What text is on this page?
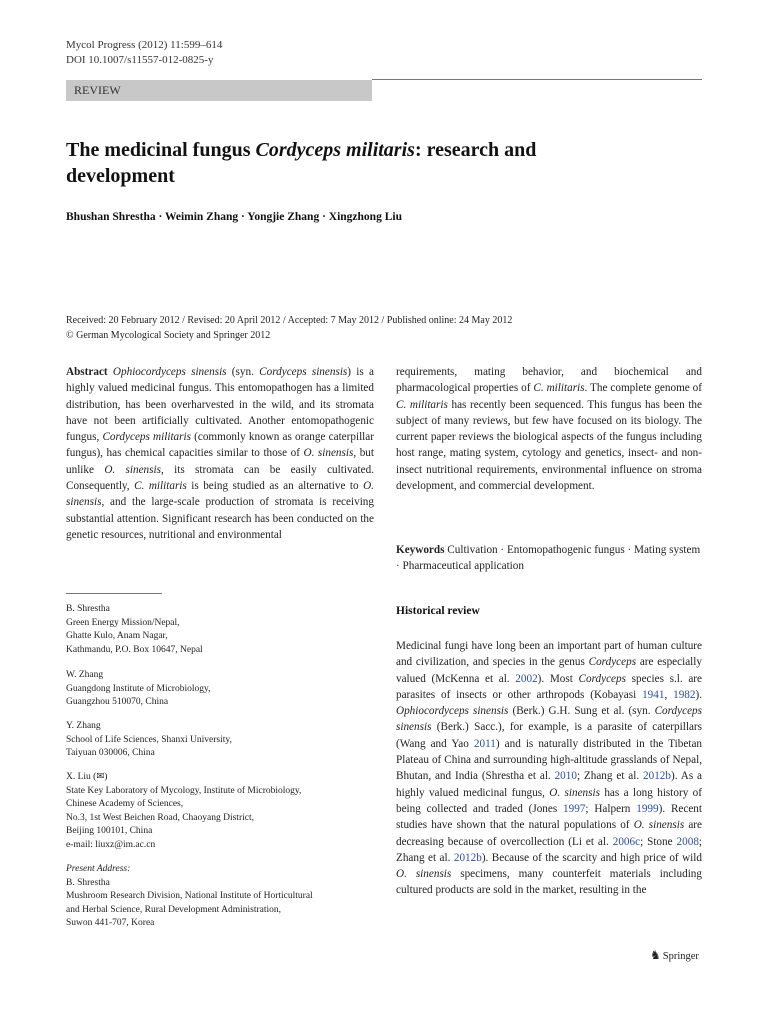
Mycol Progress (2012) 11:599–614
DOI 10.1007/s11557-012-0825-y
REVIEW
The medicinal fungus Cordyceps militaris: research and development
Bhushan Shrestha · Weimin Zhang · Yongjie Zhang · Xingzhong Liu
Received: 20 February 2012 / Revised: 20 April 2012 / Accepted: 7 May 2012 / Published online: 24 May 2012
© German Mycological Society and Springer 2012
Abstract Ophiocordyceps sinensis (syn. Cordyceps sinensis) is a highly valued medicinal fungus. This entomopathogen has a limited distribution, has been overharvested in the wild, and its stromata have not been artificially cultivated. Another entomopathogenic fungus, Cordyceps militaris (commonly known as orange caterpillar fungus), has chemical capacities similar to those of O. sinensis, but unlike O. sinensis, its stromata can be easily cultivated. Consequently, C. militaris is being studied as an alternative to O. sinensis, and the large-scale production of stromata is receiving substantial attention. Significant research has been conducted on the genetic resources, nutritional and environmental
requirements, mating behavior, and biochemical and pharmacological properties of C. militaris. The complete genome of C. militaris has recently been sequenced. This fungus has been the subject of many reviews, but few have focused on its biology. The current paper reviews the biological aspects of the fungus including host range, mating system, cytology and genetics, insect- and non-insect nutritional requirements, environmental influence on stroma development, and commercial development.
Keywords Cultivation · Entomopathogenic fungus · Mating system · Pharmaceutical application
Historical review
Medicinal fungi have long been an important part of human culture and civilization, and species in the genus Cordyceps are especially valued (McKenna et al. 2002). Most Cordyceps species s.l. are parasites of insects or other arthropods (Kobayasi 1941, 1982). Ophiocordyceps sinensis (Berk.) G.H. Sung et al. (syn. Cordyceps sinensis (Berk.) Sacc.), for example, is a parasite of caterpillars (Wang and Yao 2011) and is naturally distributed in the Tibetan Plateau of China and surrounding high-altitude grasslands of Nepal, Bhutan, and India (Shrestha et al. 2010; Zhang et al. 2012b). As a highly valued medicinal fungus, O. sinensis has a long history of being collected and traded (Jones 1997; Halpern 1999). Recent studies have shown that the natural populations of O. sinensis are decreasing because of overcollection (Li et al. 2006c; Stone 2008; Zhang et al. 2012b). Because of the scarcity and high price of wild O. sinensis specimens, many counterfeit materials including cultured products are sold in the market, resulting in the
B. Shrestha
Green Energy Mission/Nepal,
Ghatte Kulo, Anam Nagar,
Kathmandu, P.O. Box 10647, Nepal
W. Zhang
Guangdong Institute of Microbiology,
Guangzhou 510070, China
Y. Zhang
School of Life Sciences, Shanxi University,
Taiyuan 030006, China
X. Liu (✉)
State Key Laboratory of Mycology, Institute of Microbiology,
Chinese Academy of Sciences,
No.3, 1st West Beichen Road, Chaoyang District,
Beijing 100101, China
e-mail: liuxz@im.ac.cn
Present Address:
B. Shrestha
Mushroom Research Division, National Institute of Horticultural
and Herbal Science, Rural Development Administration,
Suwon 441-707, Korea
♞ Springer
